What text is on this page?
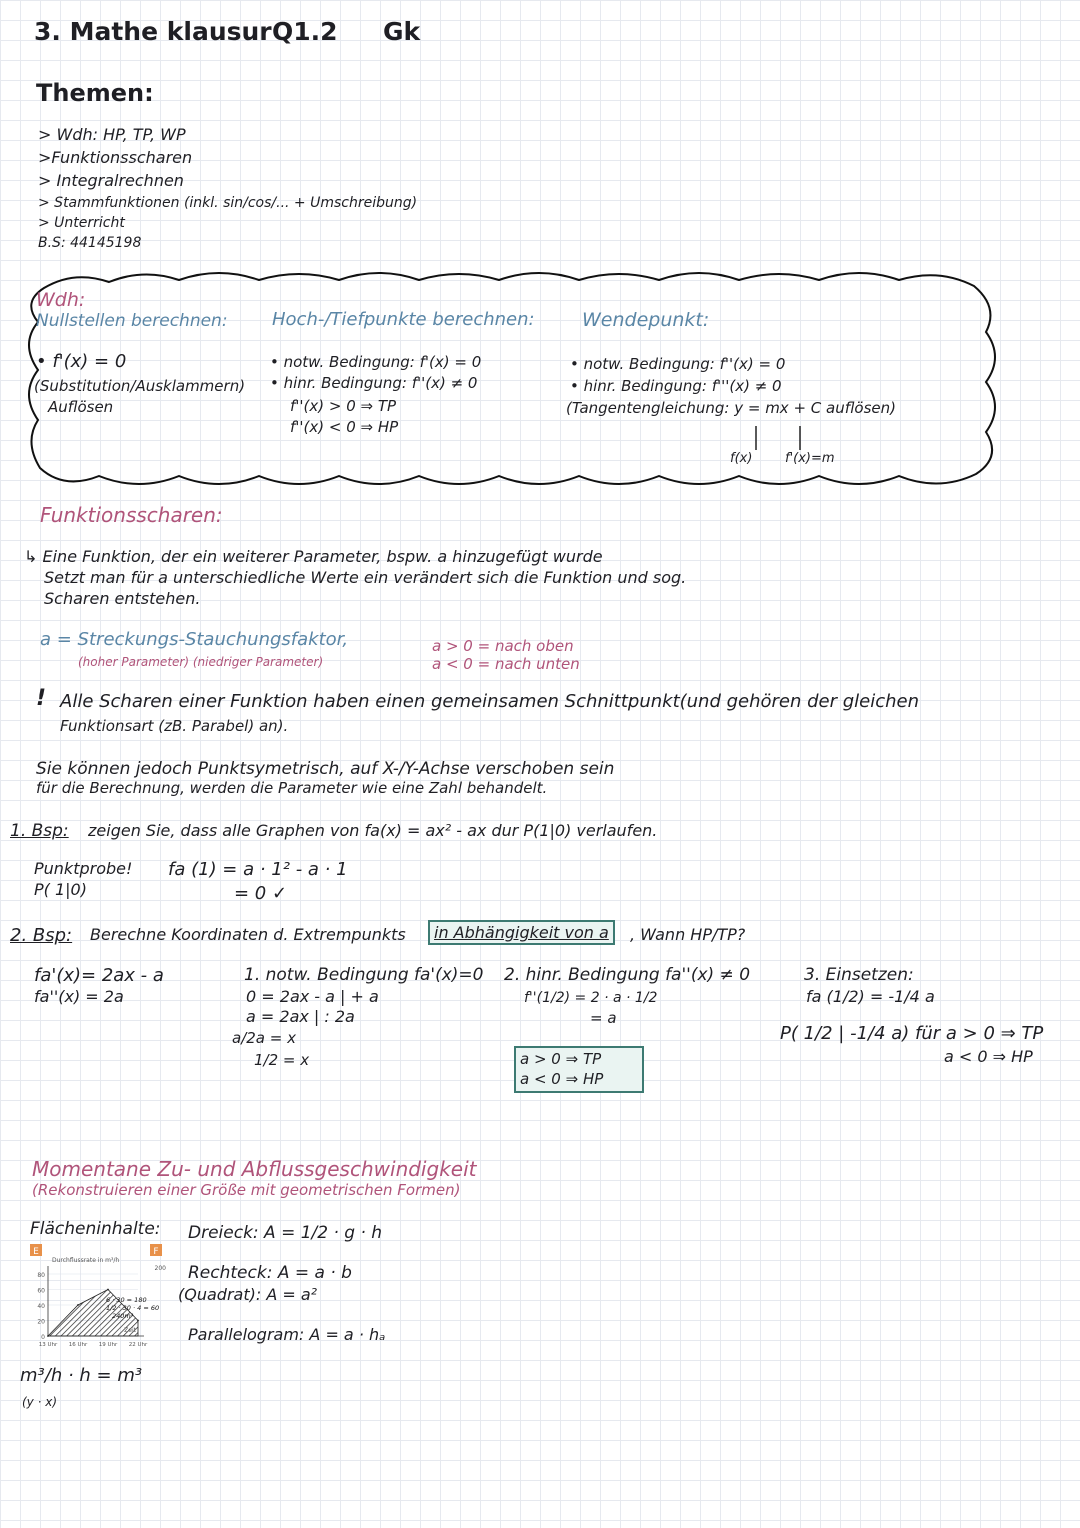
3. Mathe klausur Q1.2 Gk
Themen:
> Wdh: HP, TP, WP
>Funktionsscharen
> Integralrechnen
> Stammfunktionen (inkl. sin/cos/... + Umschreibung)
> Unterricht
B.S: 44145198
Wdh:
Nullstellen berechnen:
• f'(x) = 0
(Substitution/Ausklammern)
Auflösen
Hoch-/Tiefpunkte berechnen:
• notw. Bedingung: f'(x) = 0
• hinr. Bedingung: f''(x) ≠ 0
f''(x) > 0 ⇒ TP
f''(x) < 0 ⇒ HP
Wendepunkt:
• notw. Bedingung: f''(x) = 0
• hinr. Bedingung: f'''(x) ≠ 0
(Tangentengleichung: y = mx + C auflösen)
f(x)	f'(x)=m
Funktionsscharen:
↳ Eine Funktion, der ein weiterer Parameter, bspw. a hinzugefügt wurde
Setzt man für a unterschiedliche Werte ein verändert sich die Funktion und sog.
Scharen entstehen.
a = Streckungs-Stauchungsfaktor,
(hoher Parameter) (niedriger Parameter)
a > 0 = nach oben
a < 0 = nach unten
! Alle Scharen einer Funktion haben einen gemeinsamen Schnittpunkt(und gehören der gleichen
Funktionsart (zB. Parabel) an).
Sie können jedoch Punktsymetrisch, auf X-/Y-Achse verschoben sein
für die Berechnung, werden die Parameter wie eine Zahl behandelt.
1. Bsp: zeigen Sie, dass alle Graphen von fa(x) = ax² - ax dur P(1|0) verlaufen.
Punktprobe!
P( 1|0)
fa (1) = a · 1² - a · 1
= 0 ✓
2. Bsp: Berechne Koordinaten d. Extrempunkts	in Abhängigkeit von a	, Wann HP/TP?
fa'(x)= 2ax - a
fa''(x) = 2a
1. notw. Bedingung fa'(x)=0
0 = 2ax - a | + a
a = 2ax | : 2a
a/2a = x
1/2 = x
2. hinr. Bedingung fa''(x) ≠ 0
f''(1/2) = 2 · a · 1/2
= a
a > 0 ⇒ TP
a < 0 ⇒ HP
3. Einsetzen:
fa (1/2) = -1/4 a
P( 1/2 | -1/4 a) für a > 0 ⇒ TP
a < 0 ⇒ HP
Momentane Zu- und Abflussgeschwindigkeit
(Rekonstruieren einer Größe mit geometrischen Formen)
Flächeninhalte: Dreieck: A = 1/2 · g · h
Rechteck: A = a · b
(Quadrat): A = a²
Parallelogram: A = a · hₐ
m³/h · h = m³
(y · x)
E	F
0
20
40
60
80
13 Uhr 16 Uhr 19 Uhr 22 Uhr
Durchflussrate in m³/h
Zeit
200
6 · 30 = 180
1/2 · 30 · 4 = 60
240m³
